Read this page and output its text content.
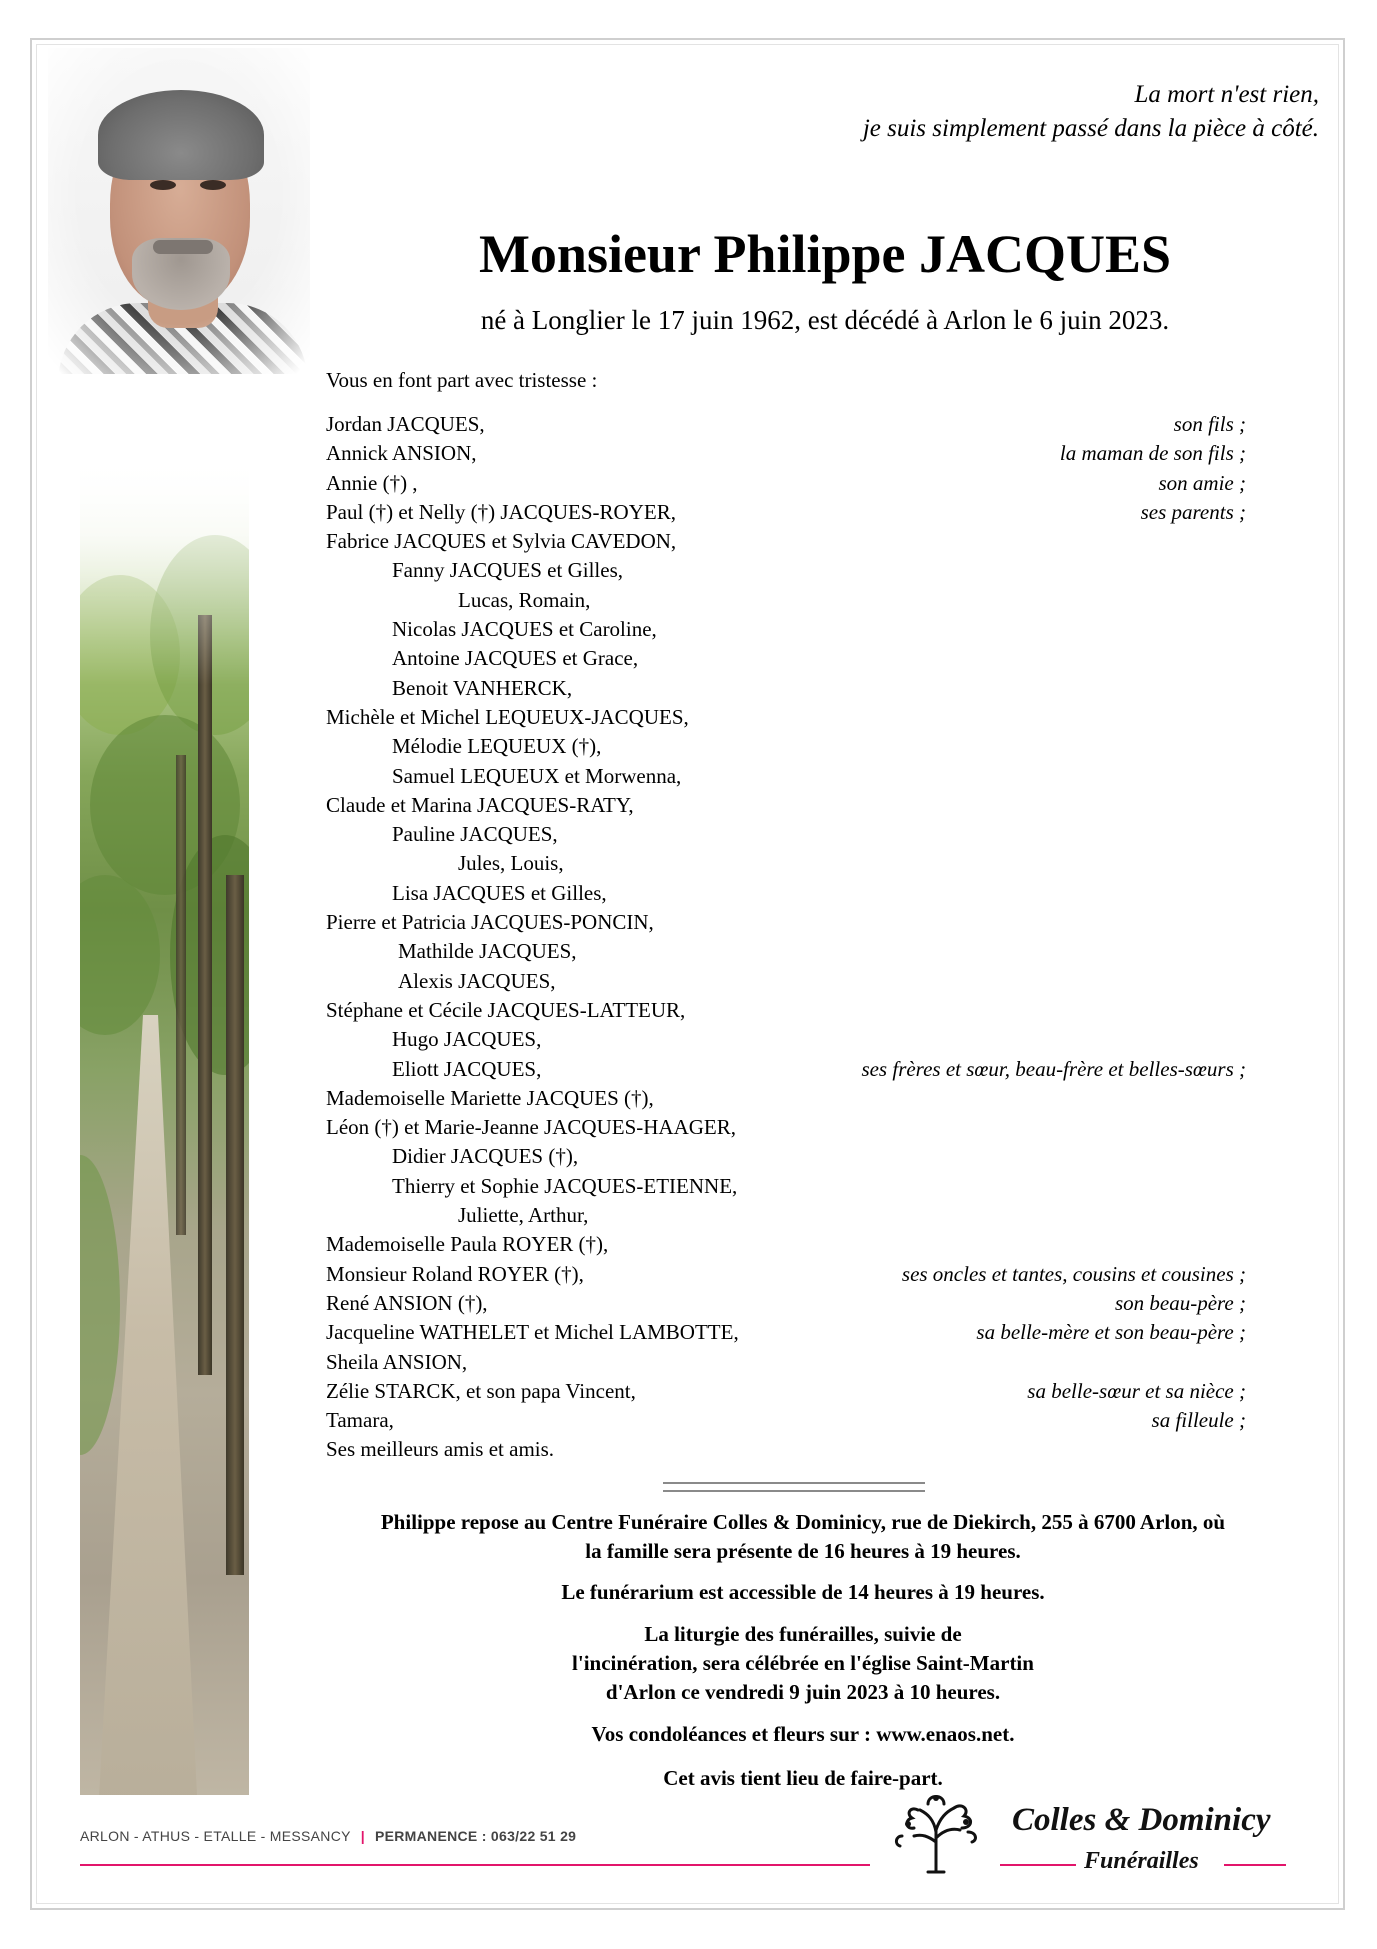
La mort n'est rien,
je suis simplement passé dans la pièce à côté.
Monsieur Philippe JACQUES
né à Longlier le 17 juin 1962, est décédé à Arlon le 6 juin 2023.
Vous en font part avec tristesse :
Jordan JACQUES,	son fils ;
Annick ANSION,	la maman de son fils ;
Annie (†) ,	son amie ;
Paul (†) et Nelly (†) JACQUES-ROYER,	ses parents ;
Fabrice JACQUES et Sylvia CAVEDON,
Fanny JACQUES et Gilles,
Lucas, Romain,
Nicolas JACQUES et Caroline,
Antoine JACQUES et Grace,
Benoit VANHERCK,
Michèle et Michel LEQUEUX-JACQUES,
Mélodie LEQUEUX (†),
Samuel LEQUEUX et Morwenna,
Claude et Marina JACQUES-RATY,
Pauline JACQUES,
Jules, Louis,
Lisa JACQUES et Gilles,
Pierre et Patricia JACQUES-PONCIN,
Mathilde JACQUES,
Alexis JACQUES,
Stéphane et Cécile JACQUES-LATTEUR,
Hugo JACQUES,
Eliott JACQUES,	ses frères et sœur, beau-frère et belles-sœurs ;
Mademoiselle Mariette JACQUES (†),
Léon (†) et Marie-Jeanne JACQUES-HAAGER,
Didier JACQUES (†),
Thierry et Sophie JACQUES-ETIENNE,
Juliette, Arthur,
Mademoiselle Paula ROYER (†),
Monsieur Roland ROYER (†),	ses oncles et tantes, cousins et cousines ;
René ANSION (†),	son beau-père ;
Jacqueline WATHELET et Michel LAMBOTTE,	sa belle-mère et son beau-père ;
Sheila ANSION,
Zélie STARCK, et son papa Vincent,	sa belle-sœur et sa nièce ;
Tamara,	sa filleule ;
Ses meilleurs amis et amis.
Philippe repose au Centre Funéraire Colles & Dominicy, rue de Diekirch, 255 à 6700 Arlon, où
la famille sera présente de 16 heures à 19 heures.
Le funérarium est accessible de 14 heures à 19 heures.
La liturgie des funérailles, suivie de
l'incinération, sera célébrée en l'église Saint-Martin
d'Arlon ce vendredi 9 juin 2023 à 10 heures.
Vos condoléances et fleurs sur : www.enaos.net.
Cet avis tient lieu de faire-part.
ARLON - ATHUS - ETALLE - MESSANCY | PERMANENCE : 063/22 51 29	Colles & Dominicy
Funérailles
